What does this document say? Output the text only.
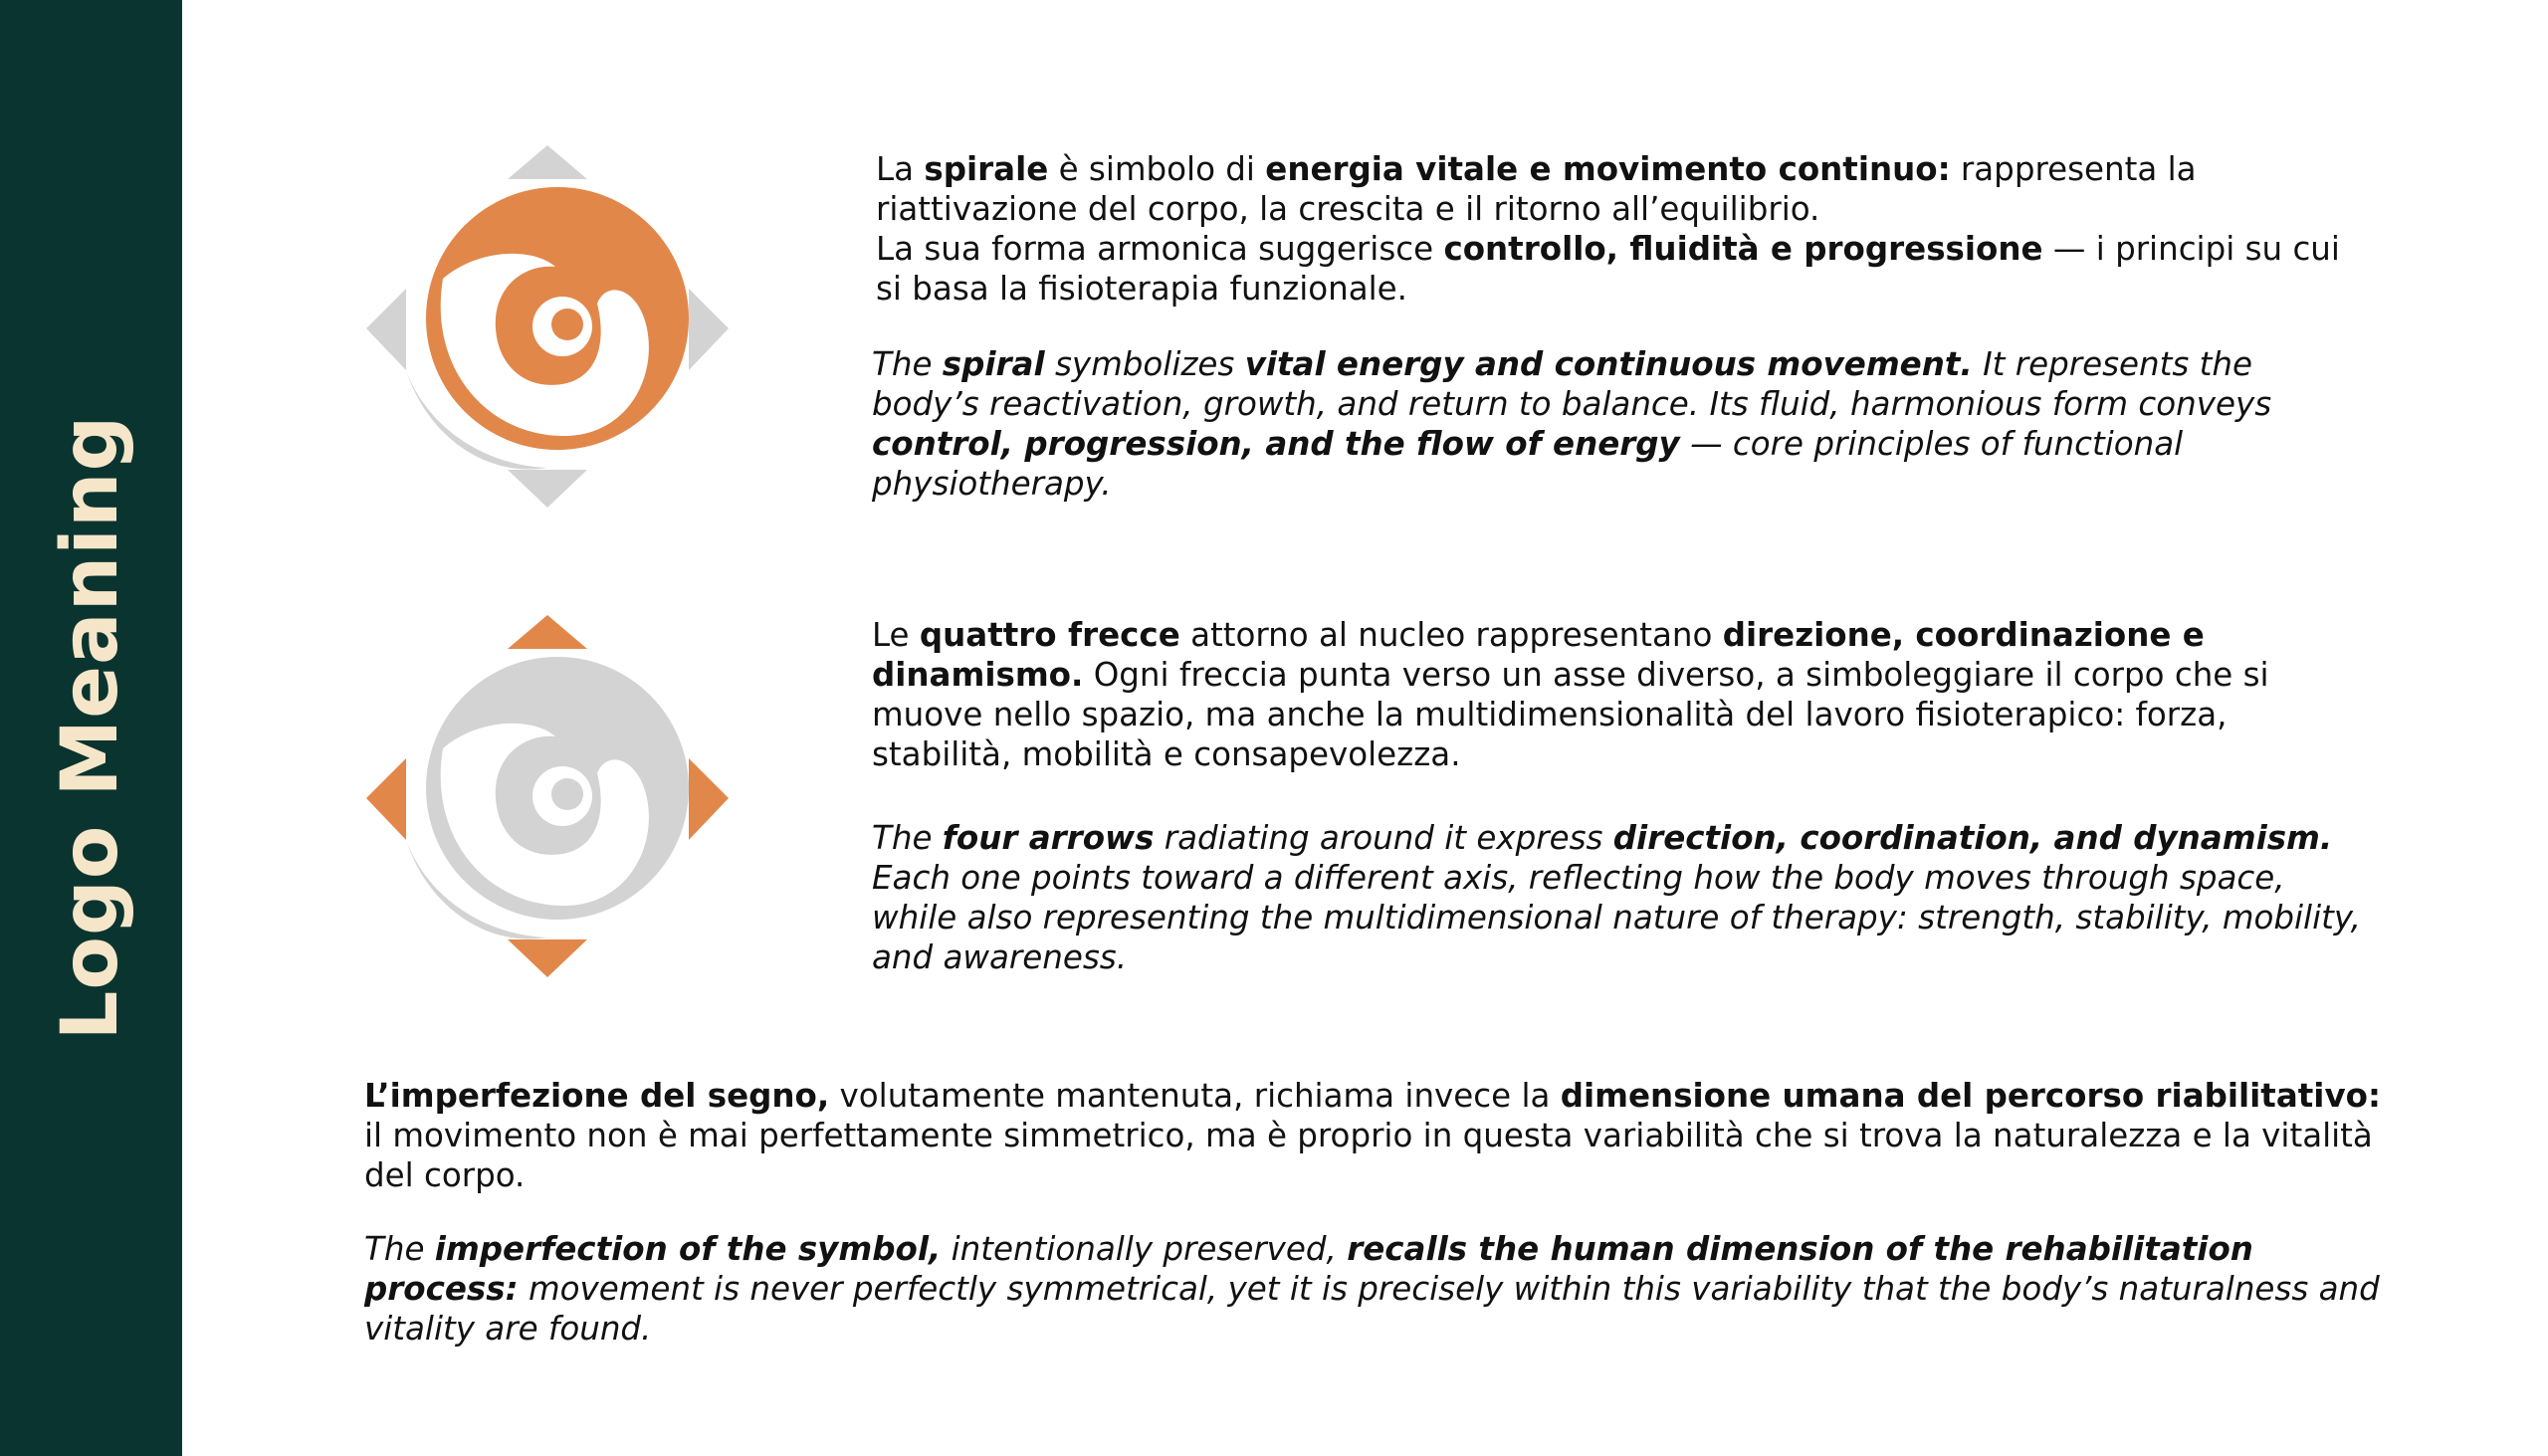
Logo Meaning

La spirale è simbolo di energia vitale e movimento continuo: rappresenta la riattivazione del corpo, la crescita e il ritorno all’equilibrio.
La sua forma armonica suggerisce controllo, fluidità e progressione — i principi su cui si basa la fisioterapia funzionale.

The spiral symbolizes vital energy and continuous movement. It represents the body’s reactivation, growth, and return to balance. Its fluid, harmonious form conveys control, progression, and the flow of energy — core principles of functional physiotherapy.

Le quattro frecce attorno al nucleo rappresentano direzione, coordinazione e dinamismo. Ogni freccia punta verso un asse diverso, a simboleggiare il corpo che si muove nello spazio, ma anche la multidimensionalità del lavoro fisioterapico: forza, stabilità, mobilità e consapevolezza.

The four arrows radiating around it express direction, coordination, and dynamism. Each one points toward a different axis, reflecting how the body moves through space, while also representing the multidimensional nature of therapy: strength, stability, mobility, and awareness.

L’imperfezione del segno, volutamente mantenuta, richiama invece la dimensione umana del percorso riabilitativo: il movimento non è mai perfettamente simmetrico, ma è proprio in questa variabilità che si trova la naturalezza e la vitalità del corpo.

The imperfection of the symbol, intentionally preserved, recalls the human dimension of the rehabilitation process: movement is never perfectly symmetrical, yet it is precisely within this variability that the body’s naturalness and vitality are found.
